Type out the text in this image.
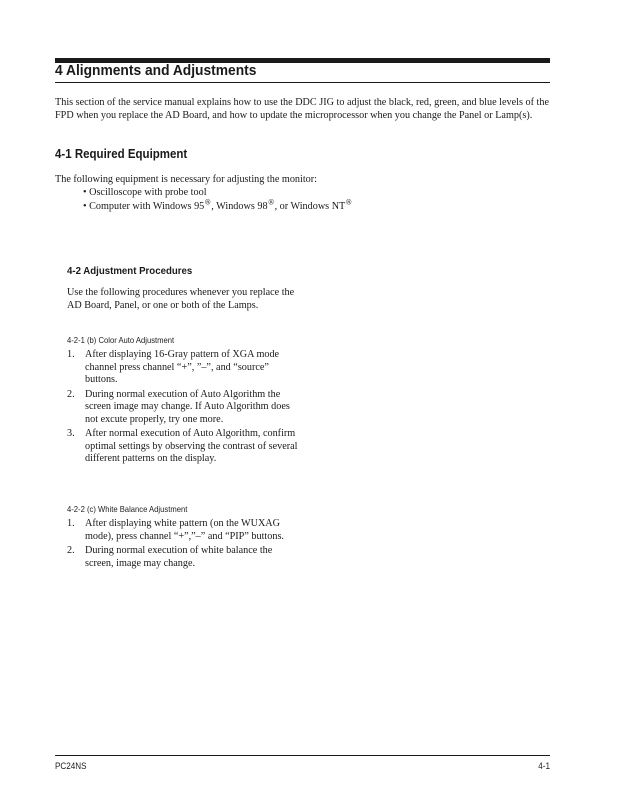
4 Alignments and Adjustments

This section of the service manual explains how to use the DDC JIG to adjust the black, red, green, and blue levels of the FPD when you replace the AD Board, and how to update the microprocessor when you change the Panel or Lamp(s).

4-1 Required Equipment

The following equipment is necessary for adjusting the monitor:

• Oscilloscope with probe tool
• Computer with Windows 95®, Windows 98®, or Windows NT®
4-2 Adjustment Procedures

Use the following procedures whenever you replace the AD Board, Panel, or one or both of the Lamps.

4-2-1 (b) Color Auto Adjustment
1.	After displaying 16-Gray pattern of XGA mode channel press channel “+”, ”–”, and “source” buttons.
2.	During normal execution of Auto Algorithm the screen image may change. If Auto Algorithm does not excute properly, try one more.
3.	After normal execution of Auto Algorithm, confirm optimal settings by observing the contrast of several different patterns on the display.
4-2-2 (c) White Balance Adjustment
1.	After displaying white pattern (on the WUXAG mode), press channel “+”,”–” and “PIP” buttons.
2.	During normal execution of white balance the screen, image may change.
PC24NS	4-1
